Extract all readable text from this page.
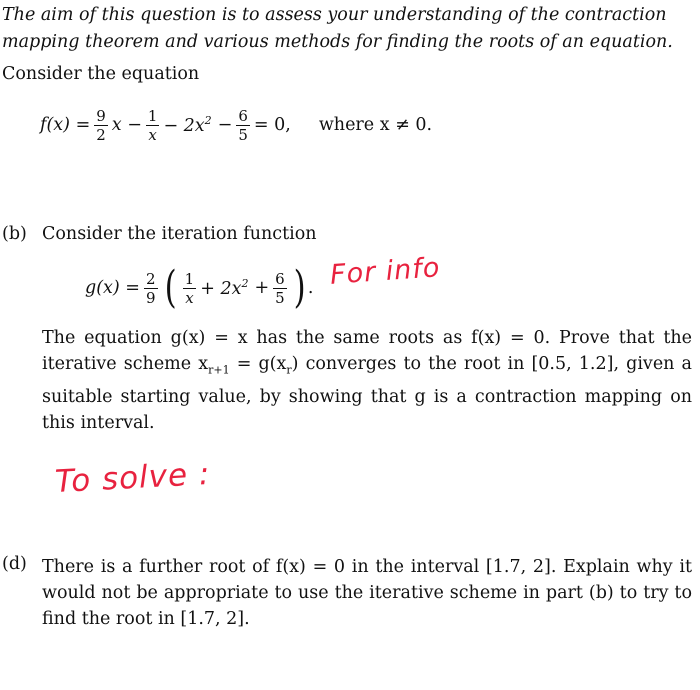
The aim of this question is to assess your understanding of the contraction mapping theorem and various methods for finding the roots of an equation.
Consider the equation
$f(x) = \frac{9}{2}$ $x - \frac{1}{x} - 2x^2 - \frac{6}{5} = 0$, where x ≠ 0.
(b) Consider the iteration function
$g(x) = \frac{2}{9}$ ( $\frac{1}{x} + 2x^2 + \frac{6}{5}$ ) . For info
The equation g(x) = x has the same roots as f(x) = 0. Prove that the iterative scheme $x_{r+1} = g(x_r)$ converges to the root in [0.5, 1.2], given a suitable starting value, by showing that g is a contraction mapping on this interval.
To solve :
(d) There is a further root of f(x) = 0 in the interval [1.7, 2]. Explain why it would not be appropriate to use the iterative scheme in part (b) to try to find the root in [1.7, 2].
